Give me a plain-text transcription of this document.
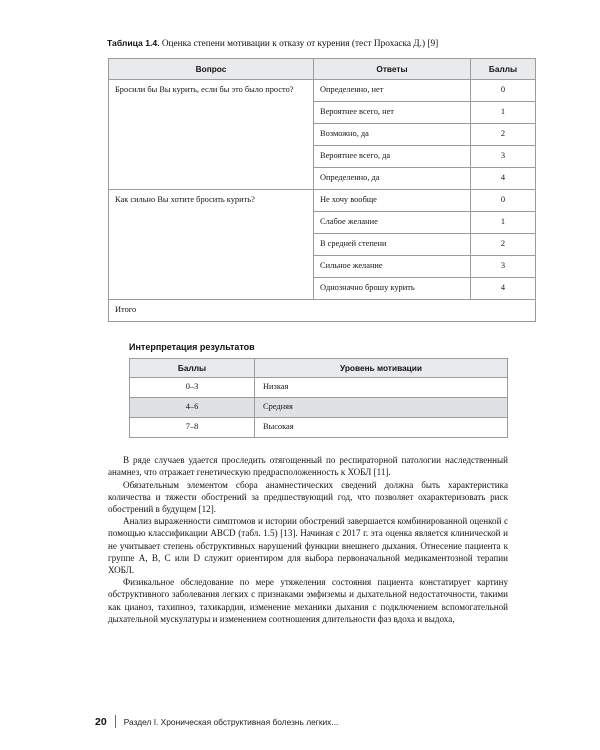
Таблица 1.4. Оценка степени мотивации к отказу от курения (тест Прохаска Д.) [9]
Вопрос	Ответы	Баллы
Бросили бы Вы курить, если бы это было просто?	Определенно, нет	0
	Вероятнее всего, нет	1
	Возможно, да	2
	Вероятнее всего, да	3
	Определенно, да	4
Как сильно Вы хотите бросить курить?	Не хочу вообще	0
	Слабое желание	1
	В средней степени	2
	Сильное желание	3
	Однозначно брошу курить	4
Итого		
Интерпретация результатов
Баллы	Уровень мотивации
0–3	Низкая
4–6	Средняя
7–8	Высокая

В ряде случаев удается проследить отягощенный по респираторной патологии наследственный анамнез, что отражает генетическую предрасположенность к ХОБЛ [11].

Обязательным элементом сбора анамнестических сведений должна быть характеристика количества и тяжести обострений за предшествующий год, что позволяет охарактеризовать риск обострений в будущем [12].

Анализ выраженности симптомов и истории обострений завершается комбинированной оценкой с помощью классификации ABCD (табл. 1.5) [13]. Начиная с 2017 г. эта оценка является клинической и не учитывает степень обструктивных нарушений функции внешнего дыхания. Отнесение пациента к группе A, B, C или D служит ориентиром для выбора первоначальной медикаментозной терапии ХОБЛ.

Физикальное обследование по мере утяжеления состояния пациента констатирует картину обструктивного заболевания легких с признаками эмфиземы и дыхательной недостаточности, такими как цианоз, тахипноэ, тахикардия, изменение механики дыхания с подключением вспомогательной дыхательной мускулатуры и изменением соотношения длительности фаз вдоха и выдоха,

20 Раздел I. Хроническая обструктивная болезнь легких...
